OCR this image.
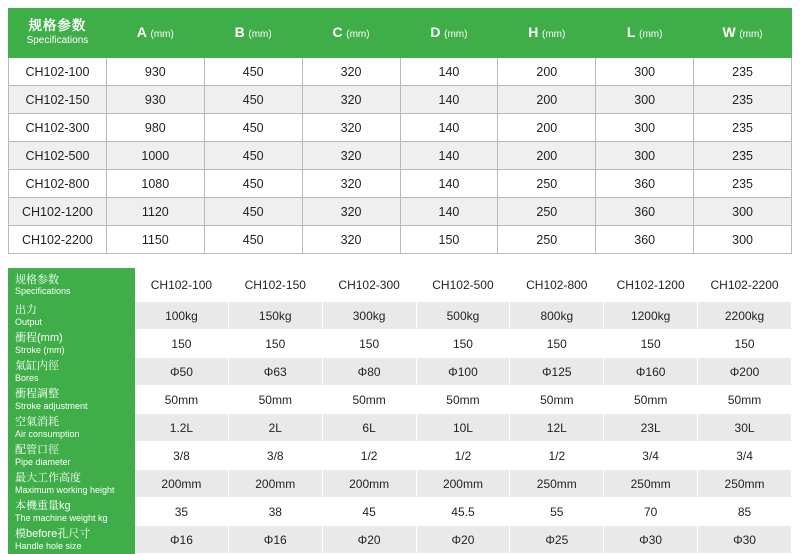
规格参数
Specifications	A (mm)	B (mm)	C (mm)	D (mm)	H (mm)	L (mm)	W (mm)
CH102-100	930	450	320	140	200	300	235
CH102-150	930	450	320	140	200	300	235
CH102-300	980	450	320	140	200	300	235
CH102-500	1000	450	320	140	200	300	235
CH102-800	1080	450	320	140	250	360	235
CH102-1200	1120	450	320	140	250	360	300
CH102-2200	1150	450	320	150	250	360	300
规格参数
Specifications	CH102-100	CH102-150	CH102-300	CH102-500	CH102-800	CH102-1200	CH102-2200

出力
Output	100kg	150kg	300kg	500kg	800kg	1200kg	2200kg

衝程(mm)
Stroke (mm)	150	150	150	150	150	150	150

氣缸内徑
Bores	Φ50	Φ63	Φ80	Φ100	Φ125	Φ160	Φ200

衝程調整
Stroke adjustment	50mm	50mm	50mm	50mm	50mm	50mm	50mm

空氣消耗
Air consumption	1.2L	2L	6L	10L	12L	23L	30L

配管口徑
Pipe diameter	3/8	3/8	1/2	1/2	1/2	3/4	3/4

最大工作高度
Maximum working height	200mm	200mm	200mm	200mm	250mm	250mm	250mm

本機重量kg
The machine weight kg	35	38	45	45.5	55	70	85

模before孔尺寸
Handle hole size	Φ16	Φ16	Φ20	Φ20	Φ25	Φ30	Φ30
